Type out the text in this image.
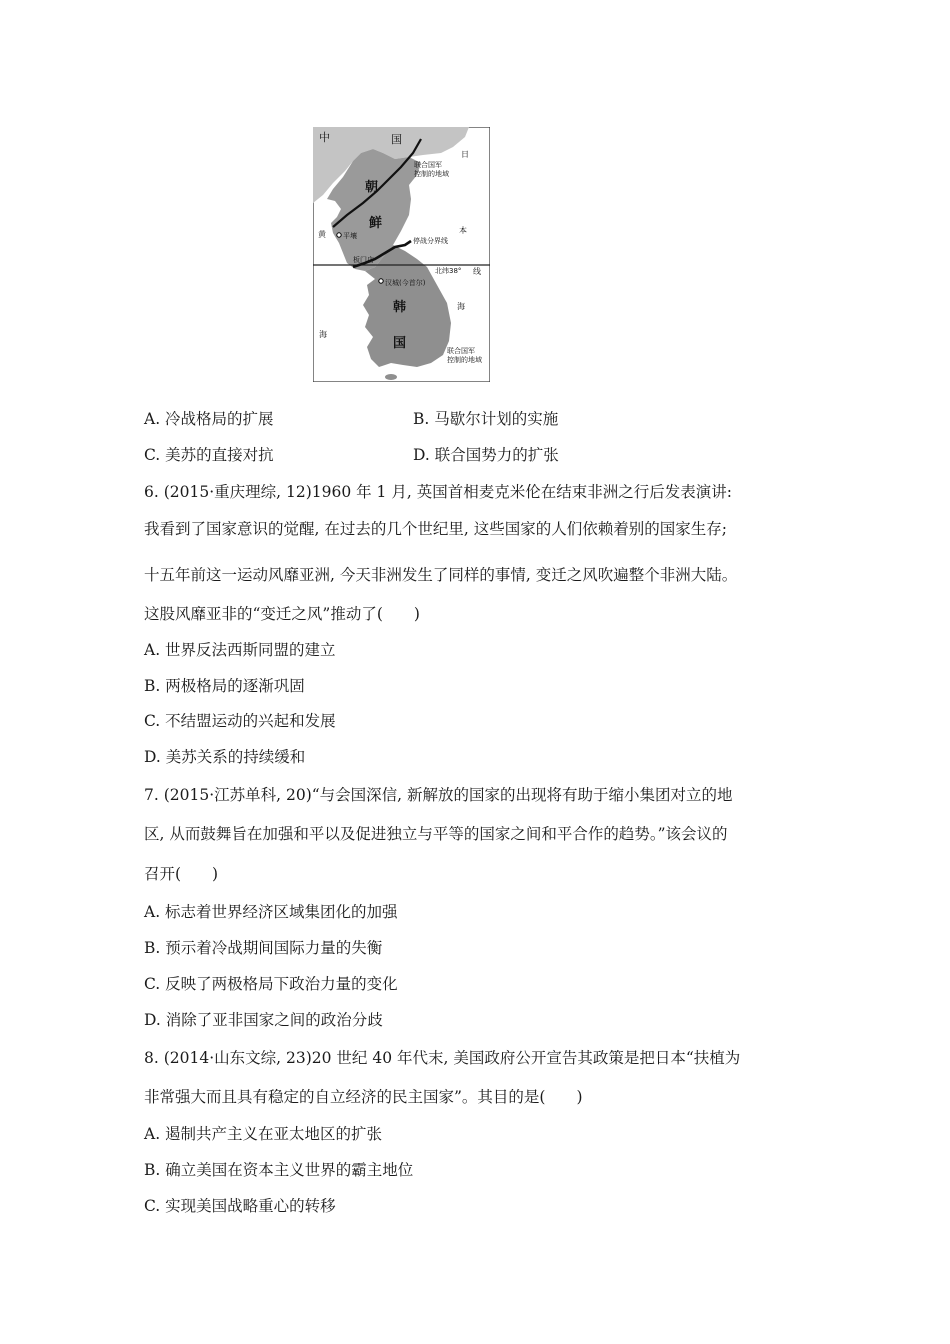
中	国
日
联合国军
控制的地域
朝
鲜	本
黄 平壤
停战分界线
板门店
北纬38° 线
汉城(今首尔)
海
韩
海
国	联合国军
控制的地域
A. 冷战格局的扩展	B. 马歇尔计划的实施
C. 美苏的直接对抗	D. 联合国势力的扩张
6. (2015·重庆理综, 12)1960 年 1 月, 英国首相麦克米伦在结束非洲之行后发表演讲:
我看到了国家意识的觉醒, 在过去的几个世纪里, 这些国家的人们依赖着别的国家生存;
十五年前这一运动风靡亚洲, 今天非洲发生了同样的事情, 变迁之风吹遍整个非洲大陆。
这股风靡亚非的“变迁之风”推动了(　　)
A. 世界反法西斯同盟的建立
B. 两极格局的逐渐巩固
C. 不结盟运动的兴起和发展
D. 美苏关系的持续缓和
7. (2015·江苏单科, 20)“与会国深信, 新解放的国家的出现将有助于缩小集团对立的地
区, 从而鼓舞旨在加强和平以及促进独立与平等的国家之间和平合作的趋势。”该会议的
召开(　　)
A. 标志着世界经济区域集团化的加强
B. 预示着冷战期间国际力量的失衡
C. 反映了两极格局下政治力量的变化
D. 消除了亚非国家之间的政治分歧
8. (2014·山东文综, 23)20 世纪 40 年代末, 美国政府公开宣告其政策是把日本“扶植为
非常强大而且具有稳定的自立经济的民主国家”。其目的是(　　)
A. 遏制共产主义在亚太地区的扩张
B. 确立美国在资本主义世界的霸主地位
C. 实现美国战略重心的转移
